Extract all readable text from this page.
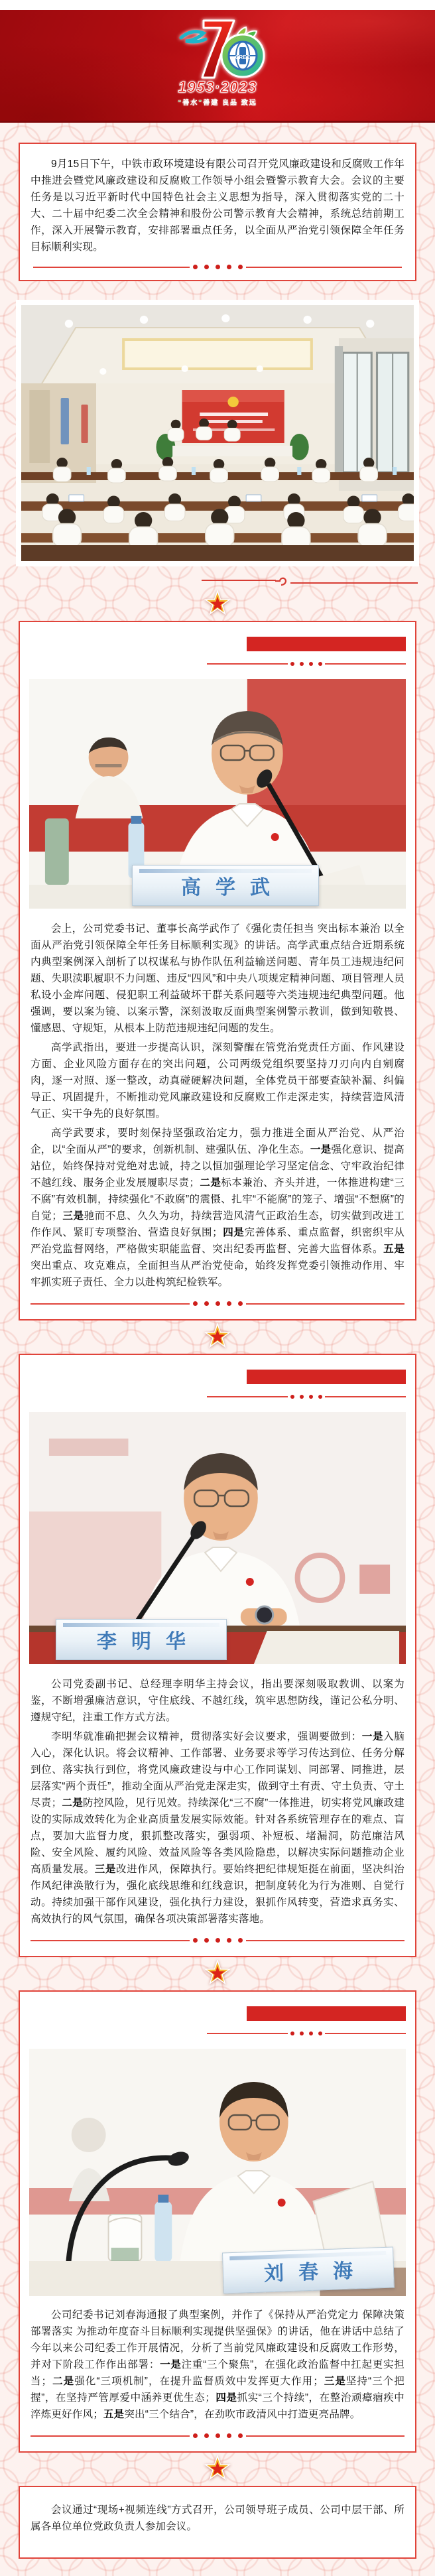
CREC
1953·2023
“善水”善建 良品 致远

9月15日下午，中铁市政环境建设有限公司召开党风廉政建设和反腐败工作年中推进会暨党风廉政建设和反腐败工作领导小组会暨警示教育大会。会议的主要任务是以习近平新时代中国特色社会主义思想为指导，深入贯彻落实党的二十大、二十届中纪委二次全会精神和股份公司警示教育大会精神，系统总结前期工作，深入开展警示教育，安排部署重点任务，以全面从严治党引领保障全年任务目标顺利实现。

高学武

会上，公司党委书记、董事长高学武作了《强化责任担当 突出标本兼治 以全面从严治党引领保障全年任务目标顺利实现》的讲话。高学武重点结合近期系统内典型案例深入剖析了以权谋私与协作队伍利益输送问题、青年员工违规违纪问题、失职渎职履职不力问题、违反“四风”和中央八项规定精神问题、项目管理人员私设小金库问题、侵犯职工利益破坏干群关系问题等六类违规违纪典型问题。他强调，要以案为镜、以案示警，深刻汲取反面典型案例警示教训，做到知敬畏、懂感恩、守规矩，从根本上防范违规违纪问题的发生。

高学武指出，要进一步提高认识，深刻警醒在管党治党责任方面、作风建设方面、企业风险方面存在的突出问题，公司两级党组织要坚持刀刃向内自剜腐肉，逐一对照、逐一整改，动真碰硬解决问题，全体党员干部要查缺补漏、纠偏导正、巩固提升，不断推动党风廉政建设和反腐败工作走深走实，持续营造风清气正、实干争先的良好氛围。

高学武要求，要时刻保持坚强政治定力，强力推进全面从严治党、从严治企，以“全面从严”的要求，创新机制、建强队伍、净化生态。一是强化意识、提高站位，始终保持对党绝对忠诚，持之以恒加强理论学习坚定信念、守牢政治纪律不越红线、服务企业发展履职尽责；二是标本兼治、齐头并进，一体推进构建“三不腐”有效机制，持续强化“不敢腐”的震慑、扎牢“不能腐”的笼子、增强“不想腐”的自觉；三是驰而不息、久久为功，持续营造风清气正政治生态，切实做到改进工作作风、紧盯专项整治、营造良好氛围；四是完善体系、重点监督，织密织牢从严治党监督网络，严格做实职能监督、突出纪委再监督、完善大监督体系。五是突出重点、攻克难点，全面担当从严治党使命，始终发挥党委引领推动作用、牢牢抓实班子责任、全力以赴构筑纪检铁军。

李明华

公司党委副书记、总经理李明华主持会议，指出要深刻吸取教训、以案为鉴，不断增强廉洁意识，守住底线、不越红线，筑牢思想防线，谨记公私分明、遵规守纪，注重工作方式方法。

李明华就准确把握会议精神，贯彻落实好会议要求，强调要做到：一是入脑入心，深化认识。将会议精神、工作部署、业务要求等学习传达到位、任务分解到位、落实执行到位，将党风廉政建设与中心工作同谋划、同部署、同推进，层层落实“两个责任”，推动全面从严治党走深走实，做到守土有责、守土负责、守土尽责；二是防控风险，见行见效。持续深化“三不腐”一体推进，切实将党风廉政建设的实际成效转化为企业高质量发展实际效能。针对各系统管理存在的难点、盲点，要加大监督力度，狠抓整改落实，强弱项、补短板、堵漏洞，防范廉洁风险、安全风险、履约风险、效益风险等各类风险隐患，以解决实际问题推动企业高质量发展。三是改进作风，保障执行。要始终把纪律规矩挺在前面，坚决纠治作风纪律涣散行为，强化底线思维和红线意识，把制度转化为行为准则、自觉行动。持续加强干部作风建设，强化执行力建设，狠抓作风转变，营造求真务实、高效执行的风气氛围，确保各项决策部署落实落地。

刘春海

公司纪委书记刘春海通报了典型案例，并作了《保持从严治党定力 保障决策部署落实 为推动年度奋斗目标顺利实现提供坚强保》的讲话，他在讲话中总结了今年以来公司纪委工作开展情况，分析了当前党风廉政建设和反腐败工作形势，并对下阶段工作作出部署：一是注重“三个聚焦”，在强化政治监督中扛起更实担当；二是强化“三项机制”，在提升监督质效中发挥更大作用；三是坚持“三个把握”，在坚持严管厚爱中涵养更优生态；四是抓实“三个持续”，在整治顽瘴痼疾中淬炼更好作风；五是突出“三个结合”，在劲吹市政清风中打造更亮品牌。

会议通过“现场+视频连线”方式召开，公司领导班子成员、公司中层干部、所属各单位单位党政负责人参加会议。
